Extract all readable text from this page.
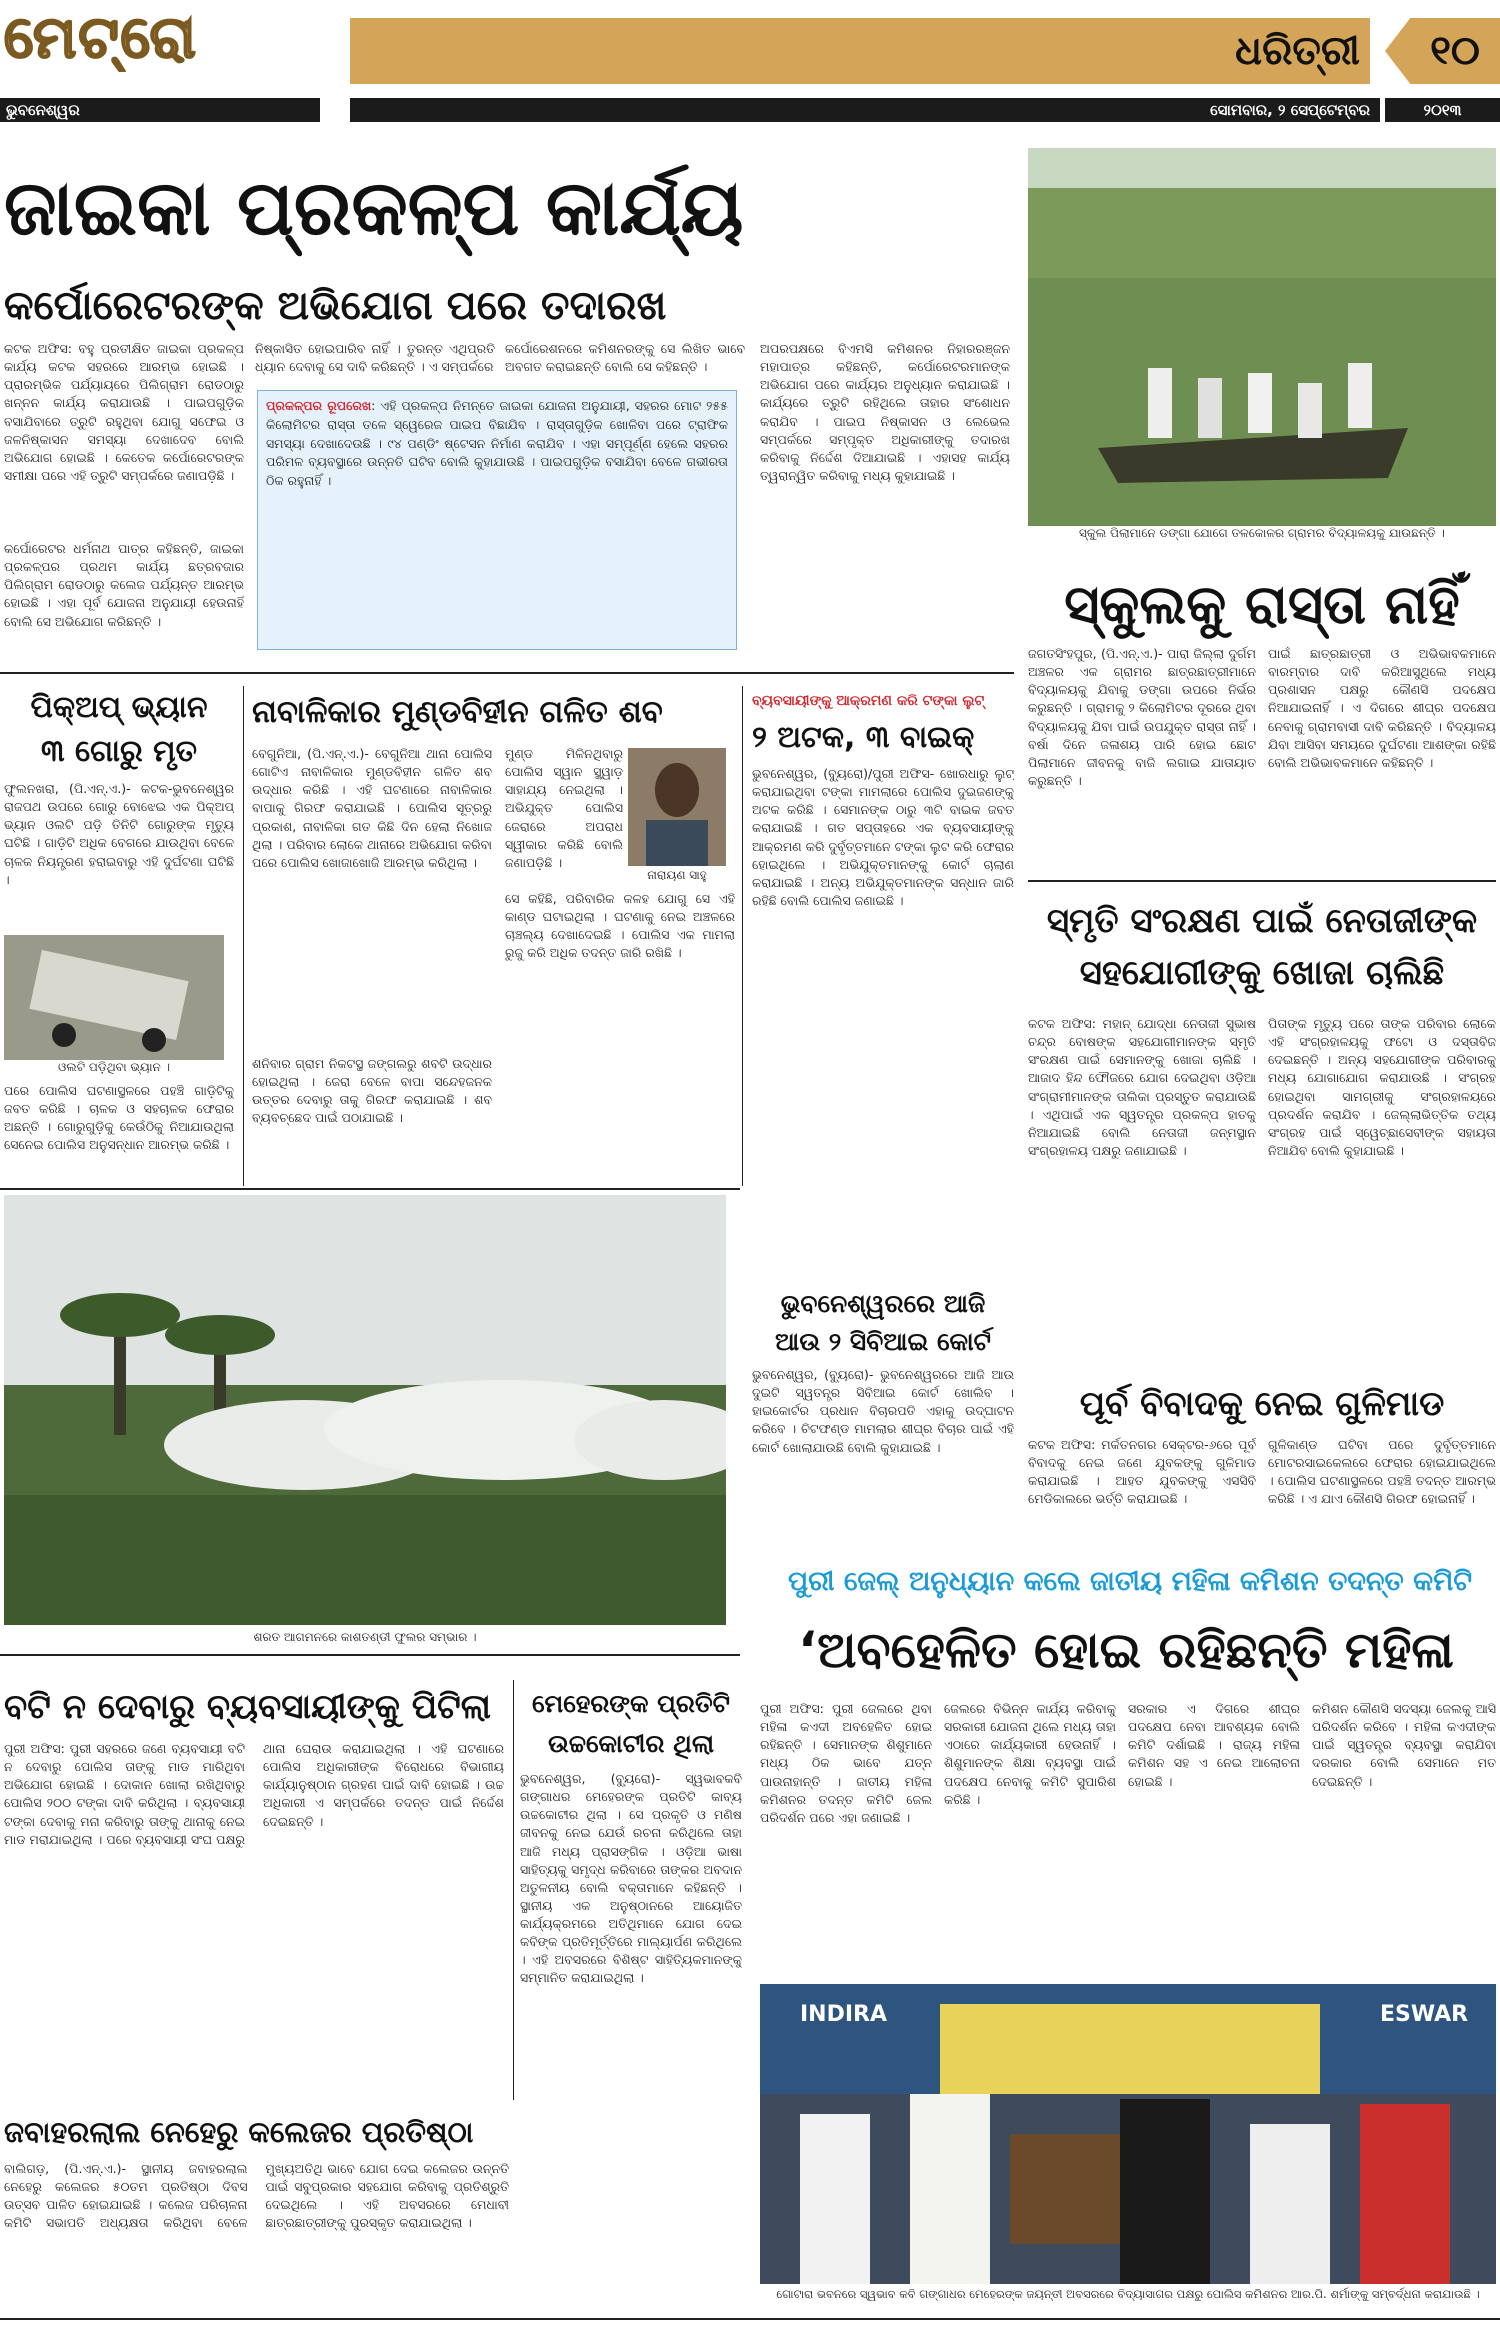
ମେଟ୍ରୋ	ଧରିତ୍ରୀ	୧୦
ଭୁବନେଶ୍ୱର	ସୋମବାର, ୨ ସେପ୍ଟେମ୍ବର	୨୦୧୩
ଜାଇକା ପ୍ରକଳ୍ପ କାର୍ଯ୍ୟ
କର୍ପୋରେଟରଙ୍କ ଅଭିଯୋଗ ପରେ ତଦାରଖ
କଟକ ଅଫିସ: ବହୁ ପ୍ରତୀକ୍ଷିତ ଜାଇକା ପ୍ରକଳ୍ପ କାର୍ଯ୍ୟ କଟକ ସହରରେ ଆରମ୍ଭ ହୋଇଛି । ପ୍ରାରମ୍ଭିକ ପର୍ଯ୍ୟାୟରେ ପିଲିଗ୍ରାମ ରୋଡଠାରୁ ଖନ୍ନନ କାର୍ଯ୍ୟ କରାଯାଉଛି । ପାଇପଗୁଡ଼ିକ ବସାଯିବାରେ ତ୍ରୁଟି ରହୁଥିବା ଯୋଗୁ ସଫେଇ ଓ ଜଳନିଷ୍କାସନ ସମସ୍ୟା ଦେଖାଦେବ ବୋଲି ଅଭିଯୋଗ ହୋଇଛି । କେତେକ କର୍ପୋରେଟରଙ୍କ ସମୀକ୍ଷା ପରେ ଏହି ତ୍ରୁଟି ସମ୍ପର୍କରେ ଜଣାପଡ଼ିଛି ।
କର୍ପୋରେଟର ଧର୍ମନାଥ ପାତ୍ର କହିଛନ୍ତି, ଜାଇକା ପ୍ରକଳ୍ପର ପ୍ରଥମ କାର୍ଯ୍ୟ ଛତ୍ରବଜାର ପିଲିଗ୍ରାମ ରୋଡଠାରୁ କଲେଜ ପର୍ଯ୍ୟନ୍ତ ଆରମ୍ଭ ହୋଇଛି । ଏହା ପୂର୍ବ ଯୋଜନା ଅନୁଯାୟୀ ହେଉନାହିଁ ବୋଲି ସେ ଅଭିଯୋଗ କରିଛନ୍ତି ।
ନିଷ୍କାସିତ ହୋଇପାରିବ ନାହିଁ । ତୁରନ୍ତ ଏଥିପ୍ରତି ଧ୍ୟାନ ଦେବାକୁ ସେ ଦାବି କରିଛନ୍ତି । ଏ ସମ୍ପର୍କରେ
କର୍ପୋରେଶନରେ କମିଶନରଙ୍କୁ ସେ ଲିଖିତ ଭାବେ ଅବଗତ କରାଇଛନ୍ତି ବୋଲି ସେ କହିଛନ୍ତି ।
ପ୍ରକଳ୍ପର ରୂପରେଖ: ଏହି ପ୍ରକଳ୍ପ ନିମନ୍ତେ ଜାଇକା ଯୋଜନା ଅନୁଯାୟୀ, ସହରର ମୋଟ ୨୫୫ କିଲୋମିଟର ରାସ୍ତା ତଳେ ସ୍ୱେରେଜ ପାଇପ ବିଛାଯିବ । ରାସ୍ତାଗୁଡ଼ିକ ଖୋଳିବା ପରେ ଟ୍ରାଫିକ ସମସ୍ୟା ଦେଖାଦେଉଛି । ୯୪ ପଣ୍ଡିଂ ଷ୍ଟେସନ ନିର୍ମାଣ କରାଯିବ । ଏହା ସମ୍ପୂର୍ଣ୍ଣ ହେଲେ ସହରର ପରିମଳ ବ୍ୟବସ୍ଥାରେ ଉନ୍ନତି ଘଟିବ ବୋଲି କୁହାଯାଉଛି । ପାଇପଗୁଡ଼ିକ ବସାଯିବା ବେଳେ ଗଭୀରତା ଠିକ ରହୁନାହିଁ ।
ଅପରପକ୍ଷରେ ବିଏମସି କମିଶନର ନିହାରରଞ୍ଜନ ମହାପାତ୍ର କହିଛନ୍ତି, କର୍ପୋରେଟରମାନଙ୍କ ଅଭିଯୋଗ ପରେ କାର୍ଯ୍ୟର ଅନୁଧ୍ୟାନ କରାଯାଇଛି । କାର୍ଯ୍ୟରେ ତ୍ରୁଟି ରହିଥିଲେ ତାହାର ସଂଶୋଧନ କରାଯିବ । ପାଇପ ନିଷ୍କାସନ ଓ ଲେଭେଲ ସମ୍ପର୍କରେ ସମ୍ପୃକ୍ତ ଅଧିକାରୀଙ୍କୁ ତଦାରଖ କରିବାକୁ ନିର୍ଦ୍ଦେଶ ଦିଆଯାଇଛି । ଏହାସହ କାର୍ଯ୍ୟ ତ୍ୱରାନ୍ୱିତ କରିବାକୁ ମଧ୍ୟ କୁହାଯାଇଛି ।
ସ୍କୁଲ ପିଲାମାନେ ଡଙ୍ଗା ଯୋଗେ ତଳକୋଳର ଗ୍ରାମର ବିଦ୍ୟାଳୟକୁ ଯାଉଛନ୍ତି ।
ସ୍କୁଲକୁ ରାସ୍ତା ନାହିଁ
ଜଗତସିଂହପୁର, (ପି.ଏନ୍.ଏ.)- ପାରା ଜିଲ୍ଲା ଦୁର୍ଗମ ଅଞ୍ଚଳର ଏକ ଗ୍ରାମର ଛାତ୍ରଛାତ୍ରୀମାନେ ବିଦ୍ୟାଳୟକୁ ଯିବାକୁ ଡଙ୍ଗା ଉପରେ ନିର୍ଭର କରୁଛନ୍ତି । ଗ୍ରାମକୁ ୨ କିଲୋମିଟର ଦୂରରେ ଥିବା ବିଦ୍ୟାଳୟକୁ ଯିବା ପାଇଁ ଉପଯୁକ୍ତ ରାସ୍ତା ନାହିଁ । ବର୍ଷା ଦିନେ ଜଳାଶୟ ପାରି ହୋଇ ଛୋଟ ପିଲାମାନେ ଜୀବନକୁ ବାଜି ଲଗାଇ ଯାତାୟାତ କରୁଛନ୍ତି ।
ପାଇଁ ଛାତ୍ରଛାତ୍ରୀ ଓ ଅଭିଭାବକମାନେ ବାରମ୍ବାର ଦାବି କରିଆସୁଥିଲେ ମଧ୍ୟ ପ୍ରଶାସନ ପକ୍ଷରୁ କୌଣସି ପଦକ୍ଷେପ ନିଆଯାଇନାହିଁ । ଏ ଦିଗରେ ଶୀଘ୍ର ପଦକ୍ଷେପ ନେବାକୁ ଗ୍ରାମବାସୀ ଦାବି କରିଛନ୍ତି । ବିଦ୍ୟାଳୟ ଯିବା ଆସିବା ସମୟରେ ଦୁର୍ଘଟଣା ଆଶଙ୍କା ରହିଛି ବୋଲି ଅଭିଭାବକମାନେ କହିଛନ୍ତି ।
ପିକ୍‌ଅପ୍ ଭ୍ୟାନ
୩ ଗୋରୁ ମୃତ
ଫୁଲନଖରା, (ପି.ଏନ୍.ଏ.)- କଟକ-ଭୁବନେଶ୍ୱର ରାଜପଥ ଉପରେ ଗୋରୁ ବୋଝେଇ ଏକ ପିକ୍‌ଅପ୍ ଭ୍ୟାନ ଓଲଟି ପଡ଼ି ତିନିଟି ଗୋରୁଙ୍କ ମୃତ୍ୟୁ ଘଟିଛି । ଗାଡ଼ିଟି ଅଧିକ ବେଗରେ ଯାଉଥିବା ବେଳେ ଚାଳକ ନିୟନ୍ତ୍ରଣ ହରାଇବାରୁ ଏହି ଦୁର୍ଘଟଣା ଘଟିଛି ।
ଓଲଟି ପଡ଼ିଥିବା ଭ୍ୟାନ ।
ପରେ ପୋଲିସ ଘଟଣାସ୍ଥଳରେ ପହଞ୍ଚି ଗାଡ଼ିଟିକୁ ଜବତ କରିଛି । ଚାଳକ ଓ ସହଚାଳକ ଫେରାର ଅଛନ୍ତି । ଗୋରୁଗୁଡ଼ିକୁ କେଉଁଠିକୁ ନିଆଯାଉଥିଲା ସେନେଇ ପୋଲିସ ଅନୁସନ୍ଧାନ ଆରମ୍ଭ କରିଛି ।
ନାବାଳିକାର ମୁଣ୍ଡବିହୀନ ଗଳିତ ଶବ
ବେଗୁନିଆ, (ପି.ଏନ୍.ଏ.)- ବେଗୁନିଆ ଥାନା ପୋଲିସ ଗୋଟିଏ ନାବାଳିକାର ମୁଣ୍ଡବିହୀନ ଗଳିତ ଶବ ଉଦ୍ଧାର କରିଛି । ଏହି ଘଟଣାରେ ନାବାଳିକାର ବାପାକୁ ଗିରଫ କରାଯାଇଛି । ପୋଲିସ ସୂତ୍ରରୁ ପ୍ରକାଶ, ନାବାଳିକା ଗତ କିଛି ଦିନ ହେଲା ନିଖୋଜ ଥିଲା । ପରିବାର ଲୋକେ ଥାନାରେ ଅଭିଯୋଗ କରିବା ପରେ ପୋଲିସ ଖୋଜାଖୋଜି ଆରମ୍ଭ କରିଥିଲା ।
ଶନିବାର ଗ୍ରାମ ନିକଟସ୍ଥ ଜଙ୍ଗଲରୁ ଶବଟି ଉଦ୍ଧାର ହୋଇଥିଲା । ଜେରା ବେଳେ ବାପା ସନ୍ଦେହଜନକ ଉତ୍ତର ଦେବାରୁ ତାକୁ ଗିରଫ କରାଯାଇଛି । ଶବ ବ୍ୟବଚ୍ଛେଦ ପାଇଁ ପଠାଯାଇଛି ।
ମୁଣ୍ଡ ମିଳିନଥିବାରୁ ପୋଲିସ ସ୍ୱାନ ସ୍କ୍ୱାଡ଼ ସାହାଯ୍ୟ ନେଇଥିଲା । ଅଭିଯୁକ୍ତ ପୋଲିସ ଜେରାରେ ଅପରାଧ ସ୍ୱୀକାର କରିଛି ବୋଲି ଜଣାପଡ଼ିଛି ।
ନାରାୟଣ ସାହୁ
ସେ କହିଛି, ପରିବାରିକ କଳହ ଯୋଗୁ ସେ ଏହି କାଣ୍ଡ ଘଟାଇଥିଲା । ଘଟଣାକୁ ନେଇ ଅଞ୍ଚଳରେ ଚାଞ୍ଚଲ୍ୟ ଦେଖାଦେଇଛି । ପୋଲିସ ଏକ ମାମଲା ରୁଜୁ କରି ଅଧିକ ତଦନ୍ତ ଜାରି ରଖିଛି ।
ବ୍ୟବସାୟୀଙ୍କୁ ଆକ୍ରମଣ କରି ଟଙ୍କା ଲୁଟ୍
୨ ଅଟକ, ୩ ବାଇକ୍
ଭୁବନେଶ୍ୱର, (ବ୍ୟୁରୋ)/ପୁରୀ ଅଫିସ- ଖୋରଧାରୁ ଲୁଟ୍ କରାଯାଇଥିବା ଟଙ୍କା ମାମଲାରେ ପୋଲିସ ଦୁଇଜଣଙ୍କୁ ଅଟକ କରିଛି । ସେମାନଙ୍କ ଠାରୁ ୩ଟି ବାଇକ ଜବତ କରାଯାଇଛି । ଗତ ସପ୍ତାହରେ ଏକ ବ୍ୟବସାୟୀଙ୍କୁ ଆକ୍ରମଣ କରି ଦୁର୍ବୃତ୍ତମାନେ ଟଙ୍କା ଲୁଟ କରି ଫେରାର ହୋଇଥିଲେ । ଅଭିଯୁକ୍ତମାନଙ୍କୁ କୋର୍ଟ ଚାଲାଣ କରାଯାଇଛି । ଅନ୍ୟ ଅଭିଯୁକ୍ତମାନଙ୍କ ସନ୍ଧାନ ଜାରି ରହିଛି ବୋଲି ପୋଲିସ ଜଣାଇଛି ।
ଭୁବନେଶ୍ୱରରେ ଆଜି
ଆଉ ୨ ସିବିଆଇ କୋର୍ଟ
ଭୁବନେଶ୍ୱର, (ବ୍ୟୁରୋ)- ଭୁବନେଶ୍ୱରରେ ଆଜି ଆଉ ଦୁଇଟି ସ୍ୱତନ୍ତ୍ର ସିବିଆଇ କୋର୍ଟ ଖୋଲିବ । ହାଇକୋର୍ଟର ପ୍ରଧାନ ବିଚାରପତି ଏହାକୁ ଉଦ୍‌ଘାଟନ କରିବେ । ଚିଟଫଣ୍ଡ ମାମଲାର ଶୀଘ୍ର ବିଚାର ପାଇଁ ଏହି କୋର୍ଟ ଖୋଲାଯାଉଛି ବୋଲି କୁହାଯାଇଛି ।
ସ୍ମୃତି ସଂରକ୍ଷଣ ପାଇଁ ନେତାଜୀଙ୍କ
ସହଯୋଗୀଙ୍କୁ ଖୋଜା ଚାଲିଛି
କଟକ ଅଫିସ: ମହାନ୍ ଯୋଦ୍ଧା ନେତାଜୀ ସୁଭାଷ ଚନ୍ଦ୍ର ବୋଷଙ୍କ ସହଯୋଗୀମାନଙ୍କ ସ୍ମୃତି ସଂରକ୍ଷଣ ପାଇଁ ସେମାନଙ୍କୁ ଖୋଜା ଚାଲିଛି । ଆଜାଦ ହିନ୍ଦ ଫୌଜରେ ଯୋଗ ଦେଇଥିବା ଓଡ଼ିଆ ସଂଗ୍ରାମୀମାନଙ୍କ ତାଲିକା ପ୍ରସ୍ତୁତ କରାଯାଉଛି । ଏଥିପାଇଁ ଏକ ସ୍ୱତନ୍ତ୍ର ପ୍ରକଳ୍ପ ହାତକୁ ନିଆଯାଇଛି ବୋଲି ନେତାଜୀ ଜନ୍ମସ୍ଥାନ ସଂଗ୍ରହାଳୟ ପକ୍ଷରୁ ଜଣାଯାଇଛି ।
ପିତାଙ୍କ ମୃତ୍ୟୁ ପରେ ତାଙ୍କ ପରିବାର ଲୋକେ ଏହି ସଂଗ୍ରହାଳୟକୁ ଫଟୋ ଓ ଦସ୍ତାବିଜ ଦେଇଛନ୍ତି । ଅନ୍ୟ ସହଯୋଗୀଙ୍କ ପରିବାରକୁ ମଧ୍ୟ ଯୋଗାଯୋଗ କରାଯାଉଛି । ସଂଗ୍ରହ ହୋଇଥିବା ସାମଗ୍ରୀକୁ ସଂଗ୍ରହାଳୟରେ ପ୍ରଦର୍ଶନ କରାଯିବ । ଜେଲ୍ଲାଭିତ୍ତିକ ତଥ୍ୟ ସଂଗ୍ରହ ପାଇଁ ସ୍ୱେଚ୍ଛାସେବୀଙ୍କ ସହାୟତା ନିଆଯିବ ବୋଲି କୁହାଯାଇଛି ।
ପୂର୍ବ ବିବାଦକୁ ନେଇ ଗୁଳିମାଡ
କଟକ ଅଫିସ: ମର୍କତନଗର ସେକ୍ଟର-୬ରେ ପୂର୍ବ ବିବାଦକୁ ନେଇ ଜଣେ ଯୁବକଙ୍କୁ ଗୁଳିମାଡ କରାଯାଇଛି । ଆହତ ଯୁବକଙ୍କୁ ଏସସିବି ମେଡିକାଲରେ ଭର୍ତ୍ତି କରାଯାଇଛି ।
ଗୁଳିକାଣ୍ଡ ଘଟିବା ପରେ ଦୁର୍ବୃତ୍ତମାନେ ମୋଟରସାଇକେଲରେ ଫେରାର ହୋଇଯାଇଥିଲେ । ପୋଲିସ ଘଟଣାସ୍ଥଳରେ ପହଞ୍ଚି ତଦନ୍ତ ଆରମ୍ଭ କରିଛି । ଏ ଯାଏ କୌଣସି ଗିରଫ ହୋଇନାହିଁ ।
ଶରତ ଆଗମନରେ କାଶତଣ୍ଡୀ ଫୁଲର ସମ୍ଭାର ।
ବଟି ନ ଦେବାରୁ ବ୍ୟବସାୟୀଙ୍କୁ ପିଟିଲା
ପୁରୀ ଅଫିସ: ପୁରୀ ସହରରେ ଜଣେ ବ୍ୟବସାୟୀ ବଟି ନ ଦେବାରୁ ପୋଲିସ ତାଙ୍କୁ ମାଡ ମାରିଥିବା ଅଭିଯୋଗ ହୋଇଛି । ଦୋକାନ ଖୋଲା ରଖିଥିବାରୁ ପୋଲିସ ୨୦୦ ଟଙ୍କା ଦାବି କରିଥିଲା । ବ୍ୟବସାୟୀ ଟଙ୍କା ଦେବାକୁ ମନା କରିବାରୁ ତାଙ୍କୁ ଥାନାକୁ ନେଇ ମାଡ ମରାଯାଇଥିଲା । ପରେ ବ୍ୟବସାୟୀ ସଂଘ ପକ୍ଷରୁ ଥାନା ଘେରାଉ କରାଯାଇଥିଲା । ଏହି ଘଟଣାରେ ପୋଲିସ ଅଧିକାରୀଙ୍କ ବିରୋଧରେ ବିଭାଗୀୟ କାର୍ଯ୍ୟାନୁଷ୍ଠାନ ଗ୍ରହଣ ପାଇଁ ଦାବି ହୋଇଛି । ଉଚ୍ଚ ଅଧିକାରୀ ଏ ସମ୍ପର୍କରେ ତଦନ୍ତ ପାଇଁ ନିର୍ଦ୍ଦେଶ ଦେଇଛନ୍ତି ।
ମେହେରଙ୍କ ପ୍ରତିଟି
ଉଚ୍ଚକୋଟୀର ଥିଲା
ଭୁବନେଶ୍ୱର, (ବ୍ୟୁରୋ)- ସ୍ୱଭାବକବି ଗଙ୍ଗାଧର ମେହେରଙ୍କ ପ୍ରତିଟି କାବ୍ୟ ଉଚ୍ଚକୋଟୀର ଥିଲା । ସେ ପ୍ରକୃତି ଓ ମଣିଷ ଜୀବନକୁ ନେଇ ଯେଉଁ ରଚନା କରିଥିଲେ ତାହା ଆଜି ମଧ୍ୟ ପ୍ରାସଙ୍ଗିକ । ଓଡ଼ିଆ ଭାଷା ସାହିତ୍ୟକୁ ସମୃଦ୍ଧ କରିବାରେ ତାଙ୍କର ଅବଦାନ ଅତୁଳନୀୟ ବୋଲି ବକ୍ତାମାନେ କହିଛନ୍ତି । ସ୍ଥାନୀୟ ଏକ ଅନୁଷ୍ଠାନରେ ଆୟୋଜିତ କାର୍ଯ୍ୟକ୍ରମରେ ଅତିଥିମାନେ ଯୋଗ ଦେଇ କବିଙ୍କ ପ୍ରତିମୂର୍ତ୍ତିରେ ମାଲ୍ୟାର୍ପଣ କରିଥିଲେ । ଏହି ଅବସରରେ ବିଶିଷ୍ଟ ସାହିତ୍ୟିକମାନଙ୍କୁ ସମ୍ମାନିତ କରାଯାଇଥିଲା ।
ଜବାହରଲାଲ ନେହେରୁ କଲେଜର ପ୍ରତିଷ୍ଠା
ବାଲିଗଡ଼, (ପି.ଏନ୍.ଏ.)- ସ୍ଥାନୀୟ ଜବାହରଲାଲ ନେହେରୁ କଲେଜର ୫୦ତମ ପ୍ରତିଷ୍ଠା ଦିବସ ଉତ୍ସବ ପାଳିତ ହୋଇଯାଇଛି । କଲେଜ ପରିଚାଳନା କମିଟି ସଭାପତି ଅଧ୍ୟକ୍ଷତା କରିଥିବା ବେଳେ ମୁଖ୍ୟଅତିଥି ଭାବେ ଯୋଗ ଦେଇ କଲେଜର ଉନ୍ନତି ପାଇଁ ସବୁପ୍ରକାର ସହଯୋଗ କରିବାକୁ ପ୍ରତିଶ୍ରୁତି ଦେଇଥିଲେ । ଏହି ଅବସରରେ ମେଧାବୀ ଛାତ୍ରଛାତ୍ରୀଙ୍କୁ ପୁରସ୍କୃତ କରାଯାଇଥିଲା ।
ପୁରୀ ଜେଲ୍ ଅନୁଧ୍ୟାନ କଲେ ଜାତୀୟ ମହିଳା କମିଶନ ତଦନ୍ତ କମିଟି
‘ଅବହେଳିତ ହୋଇ ରହିଛନ୍ତି ମହିଳା
ପୁରୀ ଅଫିସ: ପୁରୀ ଜେଲରେ ଥିବା ମହିଳା କଏଦୀ ଅବହେଳିତ ହୋଇ ରହିଛନ୍ତି । ସେମାନଙ୍କ ଶିଶୁମାନେ ମଧ୍ୟ ଠିକ ଭାବେ ଯତ୍ନ ପାଉନାହାନ୍ତି । ଜାତୀୟ ମହିଳା କମିଶନର ତଦନ୍ତ କମିଟି ଜେଲ ପରିଦର୍ଶନ ପରେ ଏହା ଜଣାଇଛି ।
ଜେଲରେ ବିଭିନ୍ନ କାର୍ଯ୍ୟ କରିବାକୁ ସରକାରୀ ଯୋଜନା ଥିଲେ ମଧ୍ୟ ତାହା ଏଠାରେ କାର୍ଯ୍ୟକାରୀ ହେଉନାହିଁ । ଶିଶୁମାନଙ୍କ ଶିକ୍ଷା ବ୍ୟବସ୍ଥା ପାଇଁ ପଦକ୍ଷେପ ନେବାକୁ କମିଟି ସୁପାରିଶ କରିଛି ।
ସରକାର ଏ ଦିଗରେ ଶୀଘ୍ର ପଦକ୍ଷେପ ନେବା ଆବଶ୍ୟକ ବୋଲି କମିଟି ଦର୍ଶାଇଛି । ରାଜ୍ୟ ମହିଳା କମିଶନ ସହ ଏ ନେଇ ଆଲୋଚନା ହୋଇଛି ।
କମିଶନ କୌଣସି ସଦସ୍ୟା ଜେଲକୁ ଆସି ପରିଦର୍ଶନ କରିବେ । ମହିଳା କଏଦୀଙ୍କ ପାଇଁ ସ୍ୱତନ୍ତ୍ର ବ୍ୟବସ୍ଥା କରାଯିବା ଦରକାର ବୋଲି ସେମାନେ ମତ ଦେଇଛନ୍ତି ।
INDIRA	ESWAR
ଗୋଟାରା ଭବନରେ ସ୍ୱଭାବ କବି ଗଙ୍ଗାଧର ମେହେରଙ୍କ ଜୟନ୍ତୀ ଅବସରରେ ବିଦ୍ୟାସାଗର ପକ୍ଷରୁ ପୋଲିସ କମିଶନର ଆର.ପି. ଶର୍ମାଙ୍କୁ ସମ୍ବର୍ଦ୍ଧନା କରାଯାଉଛି ।
